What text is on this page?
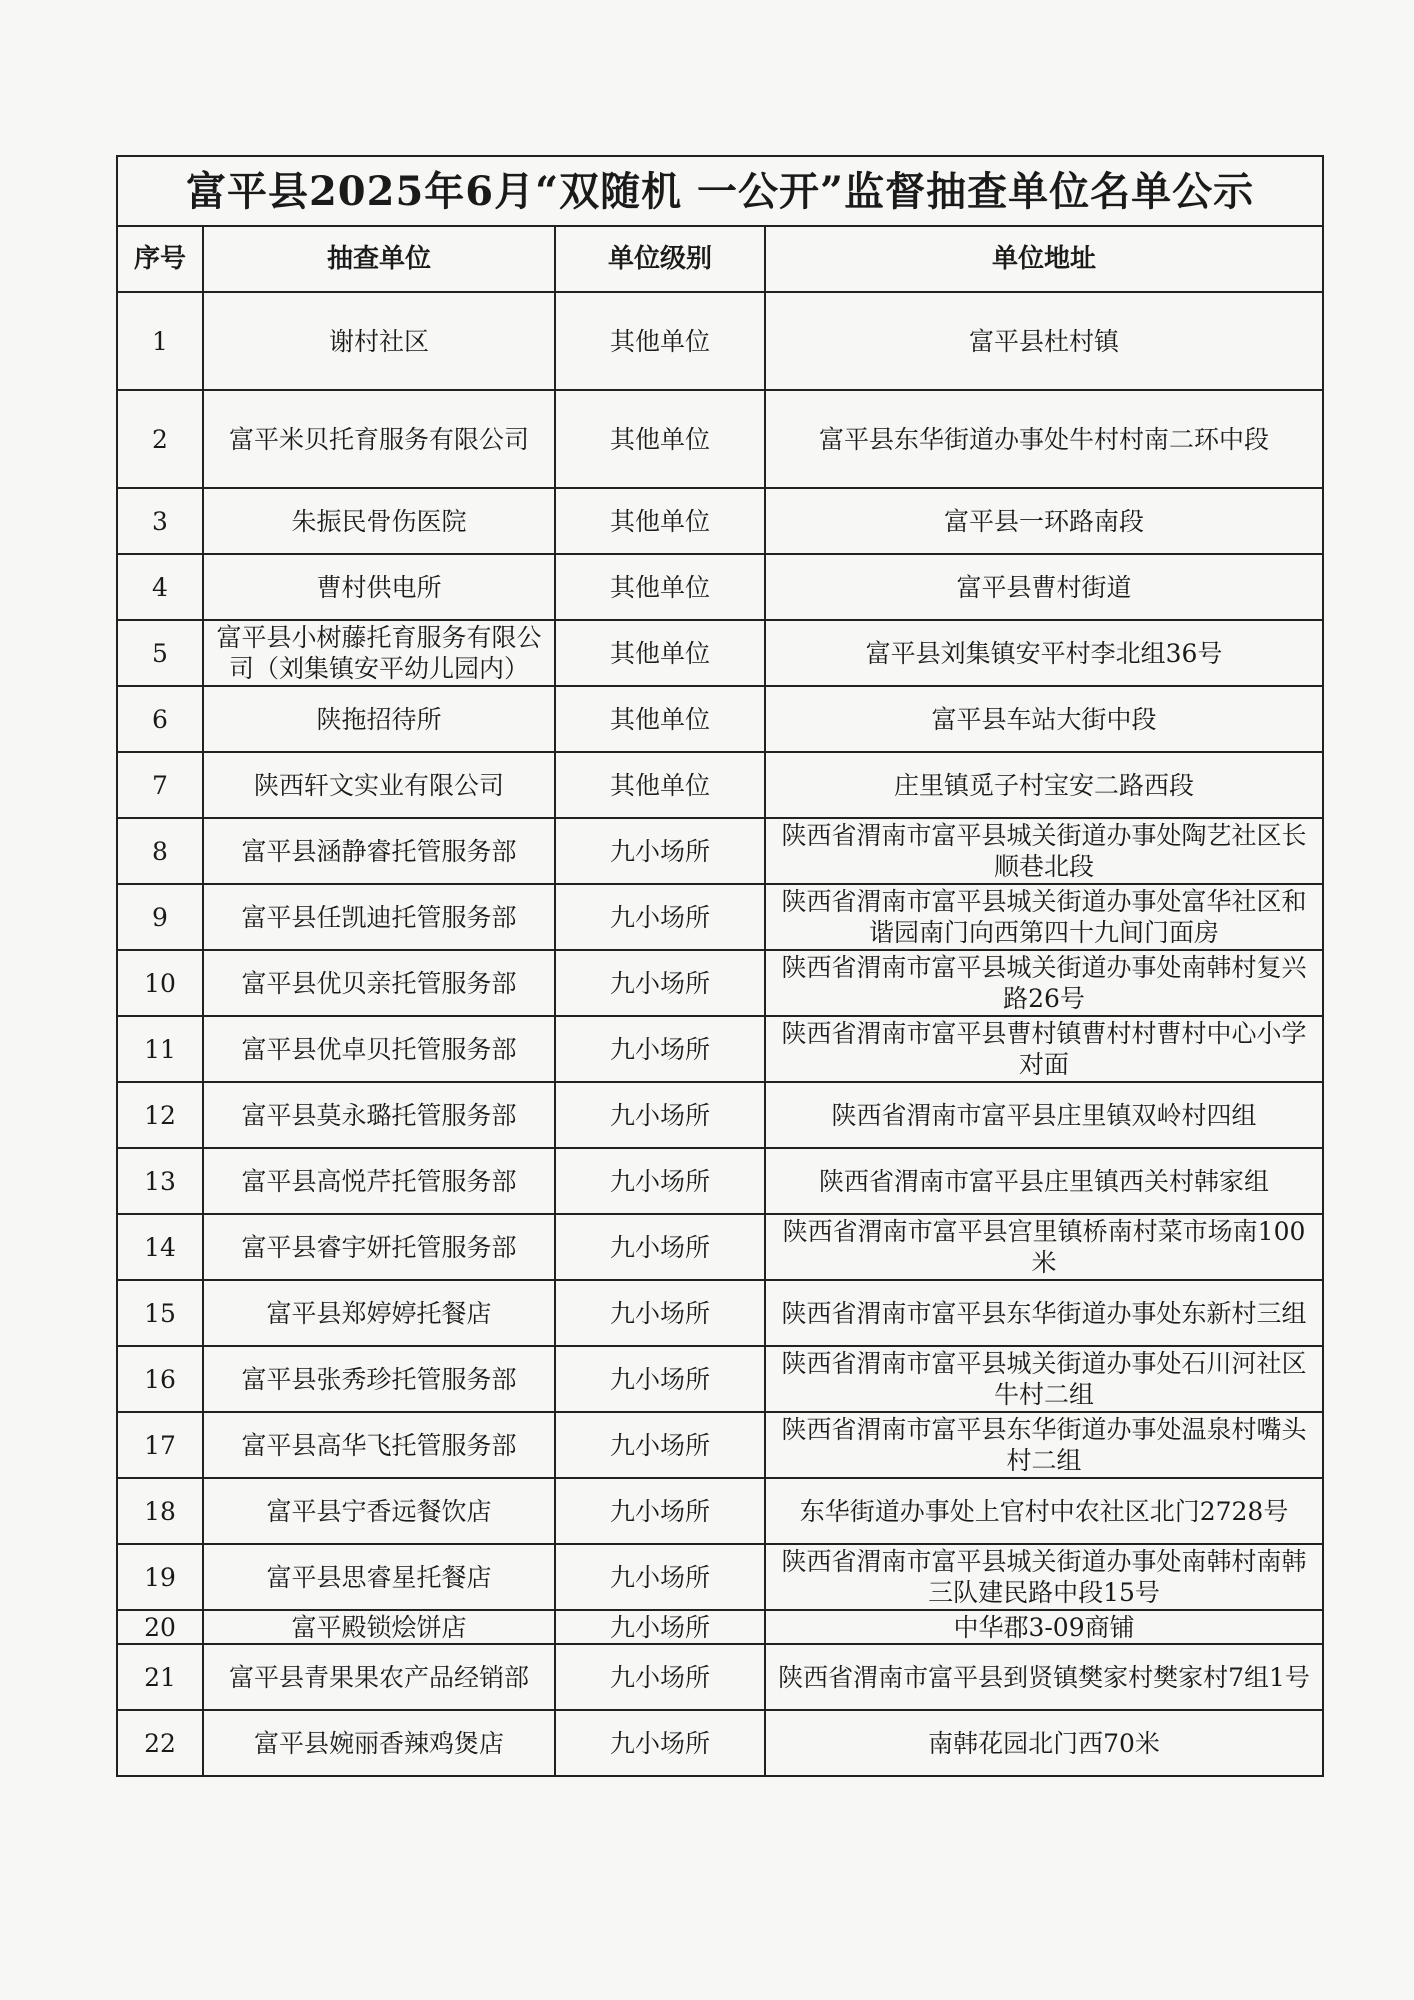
富平县2025年6月“双随机 一公开”监督抽查单位名单公示			
序号	抽查单位	单位级别	单位地址
1	谢村社区	其他单位	富平县杜村镇
2	富平米贝托育服务有限公司	其他单位	富平县东华街道办事处牛村村南二环中段
3	朱振民骨伤医院	其他单位	富平县一环路南段
4	曹村供电所	其他单位	富平县曹村街道
5	富平县小树藤托育服务有限公司（刘集镇安平幼儿园内）	其他单位	富平县刘集镇安平村李北组36号
6	陕拖招待所	其他单位	富平县车站大街中段
7	陕西轩文实业有限公司	其他单位	庄里镇觅子村宝安二路西段
8	富平县涵静睿托管服务部	九小场所	陕西省渭南市富平县城关街道办事处陶艺社区长顺巷北段
9	富平县任凯迪托管服务部	九小场所	陕西省渭南市富平县城关街道办事处富华社区和谐园南门向西第四十九间门面房
10	富平县优贝亲托管服务部	九小场所	陕西省渭南市富平县城关街道办事处南韩村复兴路26号
11	富平县优卓贝托管服务部	九小场所	陕西省渭南市富平县曹村镇曹村村曹村中心小学对面
12	富平县莫永璐托管服务部	九小场所	陕西省渭南市富平县庄里镇双岭村四组
13	富平县高悦芹托管服务部	九小场所	陕西省渭南市富平县庄里镇西关村韩家组
14	富平县睿宇妍托管服务部	九小场所	陕西省渭南市富平县宫里镇桥南村菜市场南100米
15	富平县郑婷婷托餐店	九小场所	陕西省渭南市富平县东华街道办事处东新村三组
16	富平县张秀珍托管服务部	九小场所	陕西省渭南市富平县城关街道办事处石川河社区牛村二组
17	富平县高华飞托管服务部	九小场所	陕西省渭南市富平县东华街道办事处温泉村嘴头村二组
18	富平县宁香远餐饮店	九小场所	东华街道办事处上官村中农社区北门2728号
19	富平县思睿星托餐店	九小场所	陕西省渭南市富平县城关街道办事处南韩村南韩三队建民路中段15号
20	富平殿锁烩饼店	九小场所	中华郡3-09商铺
21	富平县青果果农产品经销部	九小场所	陕西省渭南市富平县到贤镇樊家村樊家村7组1号
22	富平县婉丽香辣鸡煲店	九小场所	南韩花园北门西70米
